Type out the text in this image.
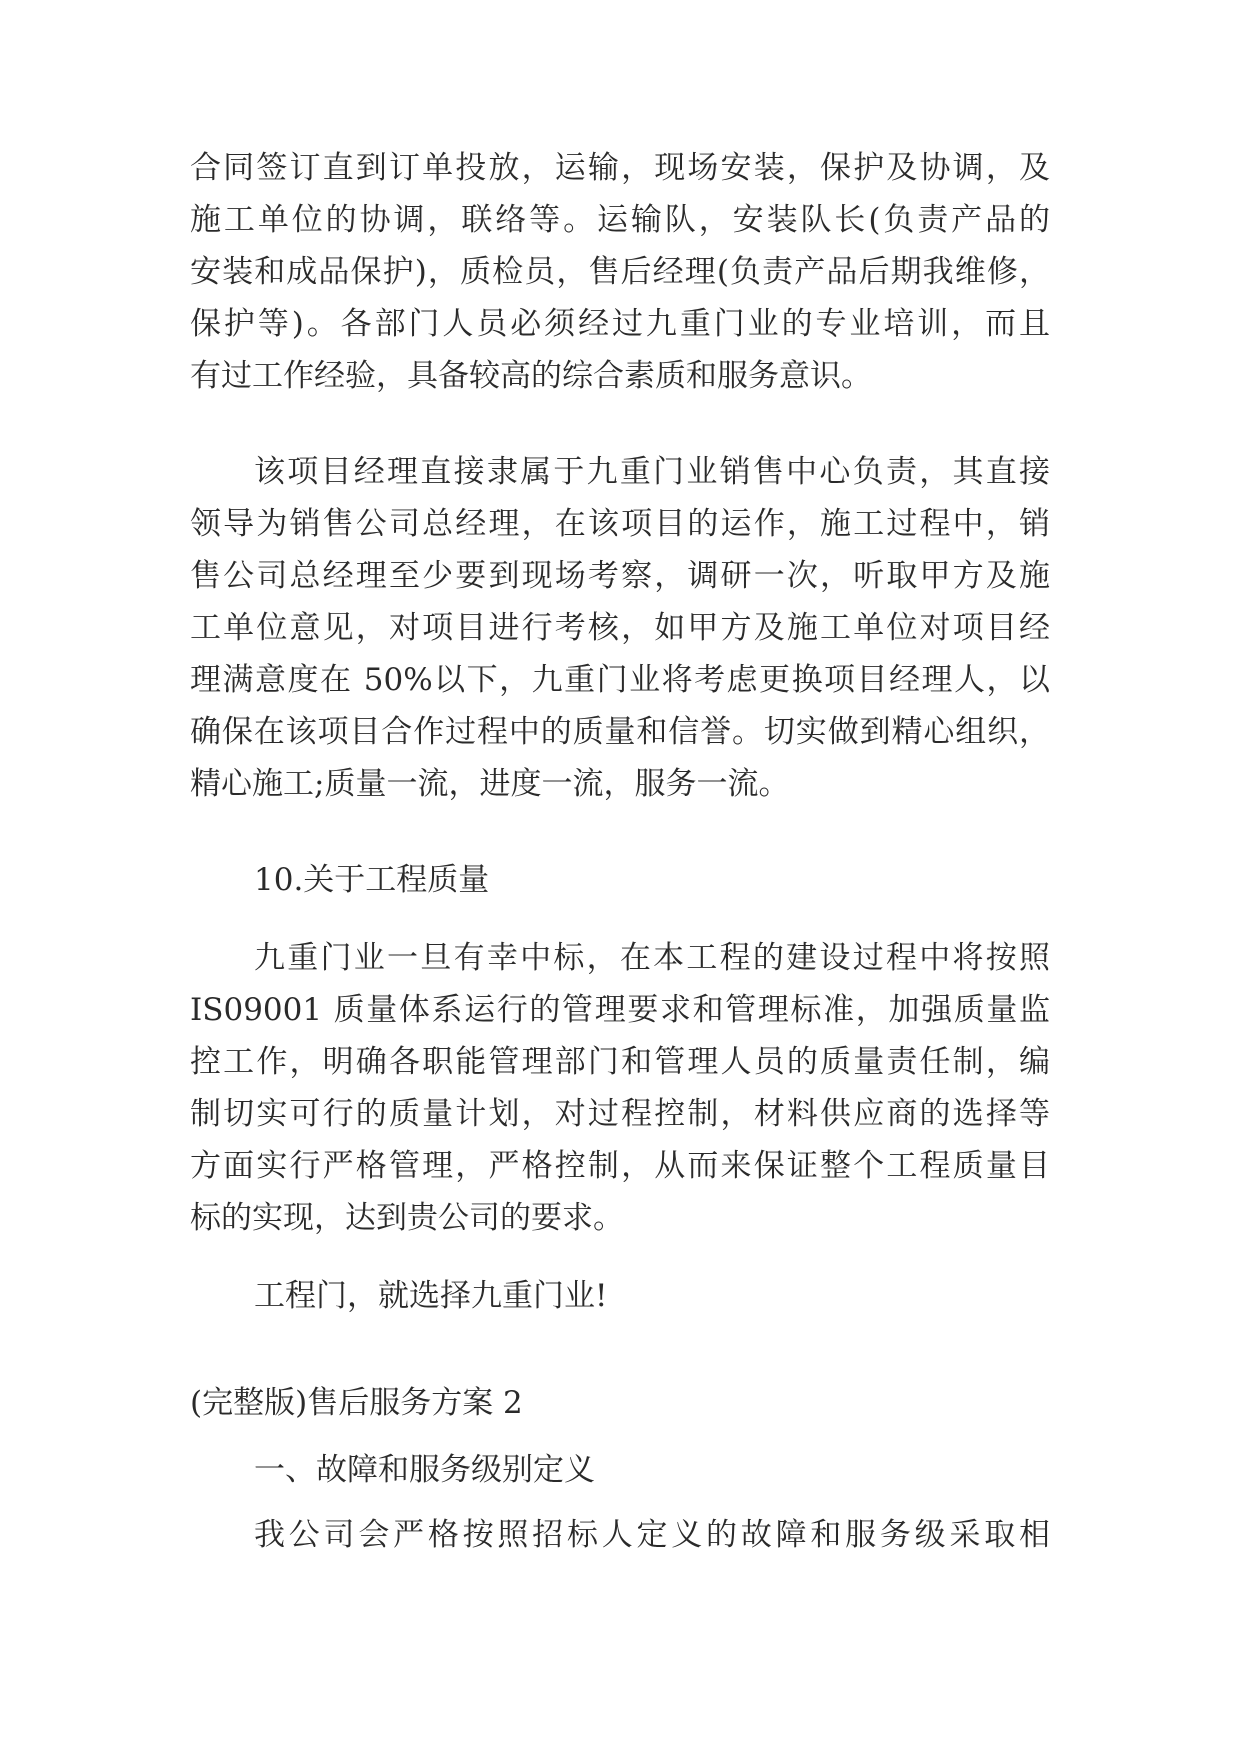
合同签订直到订单投放，运输，现场安装，保护及协调，及
施工单位的协调，联络等。运输队，安装队长(负责产品的
安装和成品保护)，质检员，售后经理(负责产品后期我维修，
保护等)。各部门人员必须经过九重门业的专业培训，而且
有过工作经验，具备较高的综合素质和服务意识。
该项目经理直接隶属于九重门业销售中心负责，其直接
领导为销售公司总经理，在该项目的运作，施工过程中，销
售公司总经理至少要到现场考察，调研一次，听取甲方及施
工单位意见，对项目进行考核，如甲方及施工单位对项目经
理满意度在 50%以下，九重门业将考虑更换项目经理人，以
确保在该项目合作过程中的质量和信誉。切实做到精心组织，
精心施工;质量一流，进度一流，服务一流。
10.关于工程质量
九重门业一旦有幸中标，在本工程的建设过程中将按照
IS09001 质量体系运行的管理要求和管理标准，加强质量监
控工作，明确各职能管理部门和管理人员的质量责任制，编
制切实可行的质量计划，对过程控制，材料供应商的选择等
方面实行严格管理，严格控制，从而来保证整个工程质量目
标的实现，达到贵公司的要求。
工程门，就选择九重门业!
(完整版)售后服务方案 2
一、故障和服务级别定义
我公司会严格按照招标人定义的故障和服务级采取相
